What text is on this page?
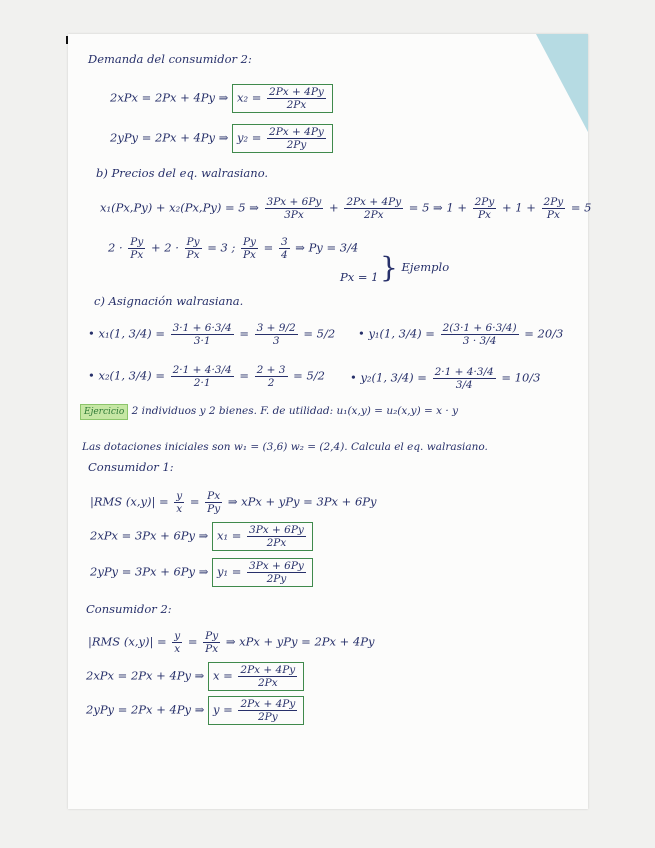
Demanda del consumidor 2:
2xPx = 2Px + 4Py ⇒ $x_2 = \frac{2Px + 4Py}{2Px}$
2yPy = 2Px + 4Py ⇒ $y_2 = \frac{2Px + 4Py}{2Py}$
b) Precios del eq. walrasiano.
x₁(Px,Py) + x₂(Px,Py) = 5 ⇒ $\frac{3Px + 6Py}{3Px} + \frac{2Px + 4Py}{2Px} = 5$ ⇒ $1 + \frac{2Py}{Px} + 1 + \frac{2Py}{Px} = 5$
$2 \cdot \frac{Py}{Px} + 2 \cdot \frac{Py}{Px} = 3$ ; $\frac{Py}{Px} = \frac{3}{4}$ ⇒ Py = 3/4
Px = 1 } Ejemplo
c) Asignación walrasiana.
• x₁(1, $3/4) = \frac{3\cdot 1 + 6\cdot 3/4}{3\cdot 1} = \frac{3 + 9/2}{3} = 5/2$ • y₁(1, $3/4) = \frac{2(3\cdot 1 + 6\cdot 3/4)}{3 \cdot 3/4} = 20/3$
• x₂(1, $3/4) = \frac{2\cdot 1 + 4\cdot 3/4}{2\cdot 1} = \frac{2 + 3}{2} = 5/2$ • y₂(1, $3/4) = \frac{2\cdot 1 + 4\cdot 3/4}{3/4} = 10/3$
Ejercicio 2 individuos y 2 bienes. F. de utilidad: u₁(x,y) = u₂(x,y) = x · y
Las dotaciones iniciales son w₁ = (3,6) w₂ = (2,4). Calcula el eq. walrasiano.
Consumidor 1:
|RMS $(x,y)| = \frac{y}{x} = \frac{Px}{Py}$ ⇒ xPx + yPy = 3Px + 6Py
2xPx = 3Px + 6Py ⇒ $x_1 = \frac{3Px + 6Py}{2Px}$
2yPy = 3Px + 6Py ⇒ $y_1 = \frac{3Px + 6Py}{2Py}$
Consumidor 2:
|RMS $(x,y)| = \frac{y}{x} = \frac{Py}{Px}$ ⇒ xPx + yPy = 2Px + 4Py
2xPx = 2Px + 4Py ⇒ $x = \frac{2Px + 4Py}{2Px}$
2yPy = 2Px + 4Py ⇒ $y = \frac{2Px + 4Py}{2Py}$
